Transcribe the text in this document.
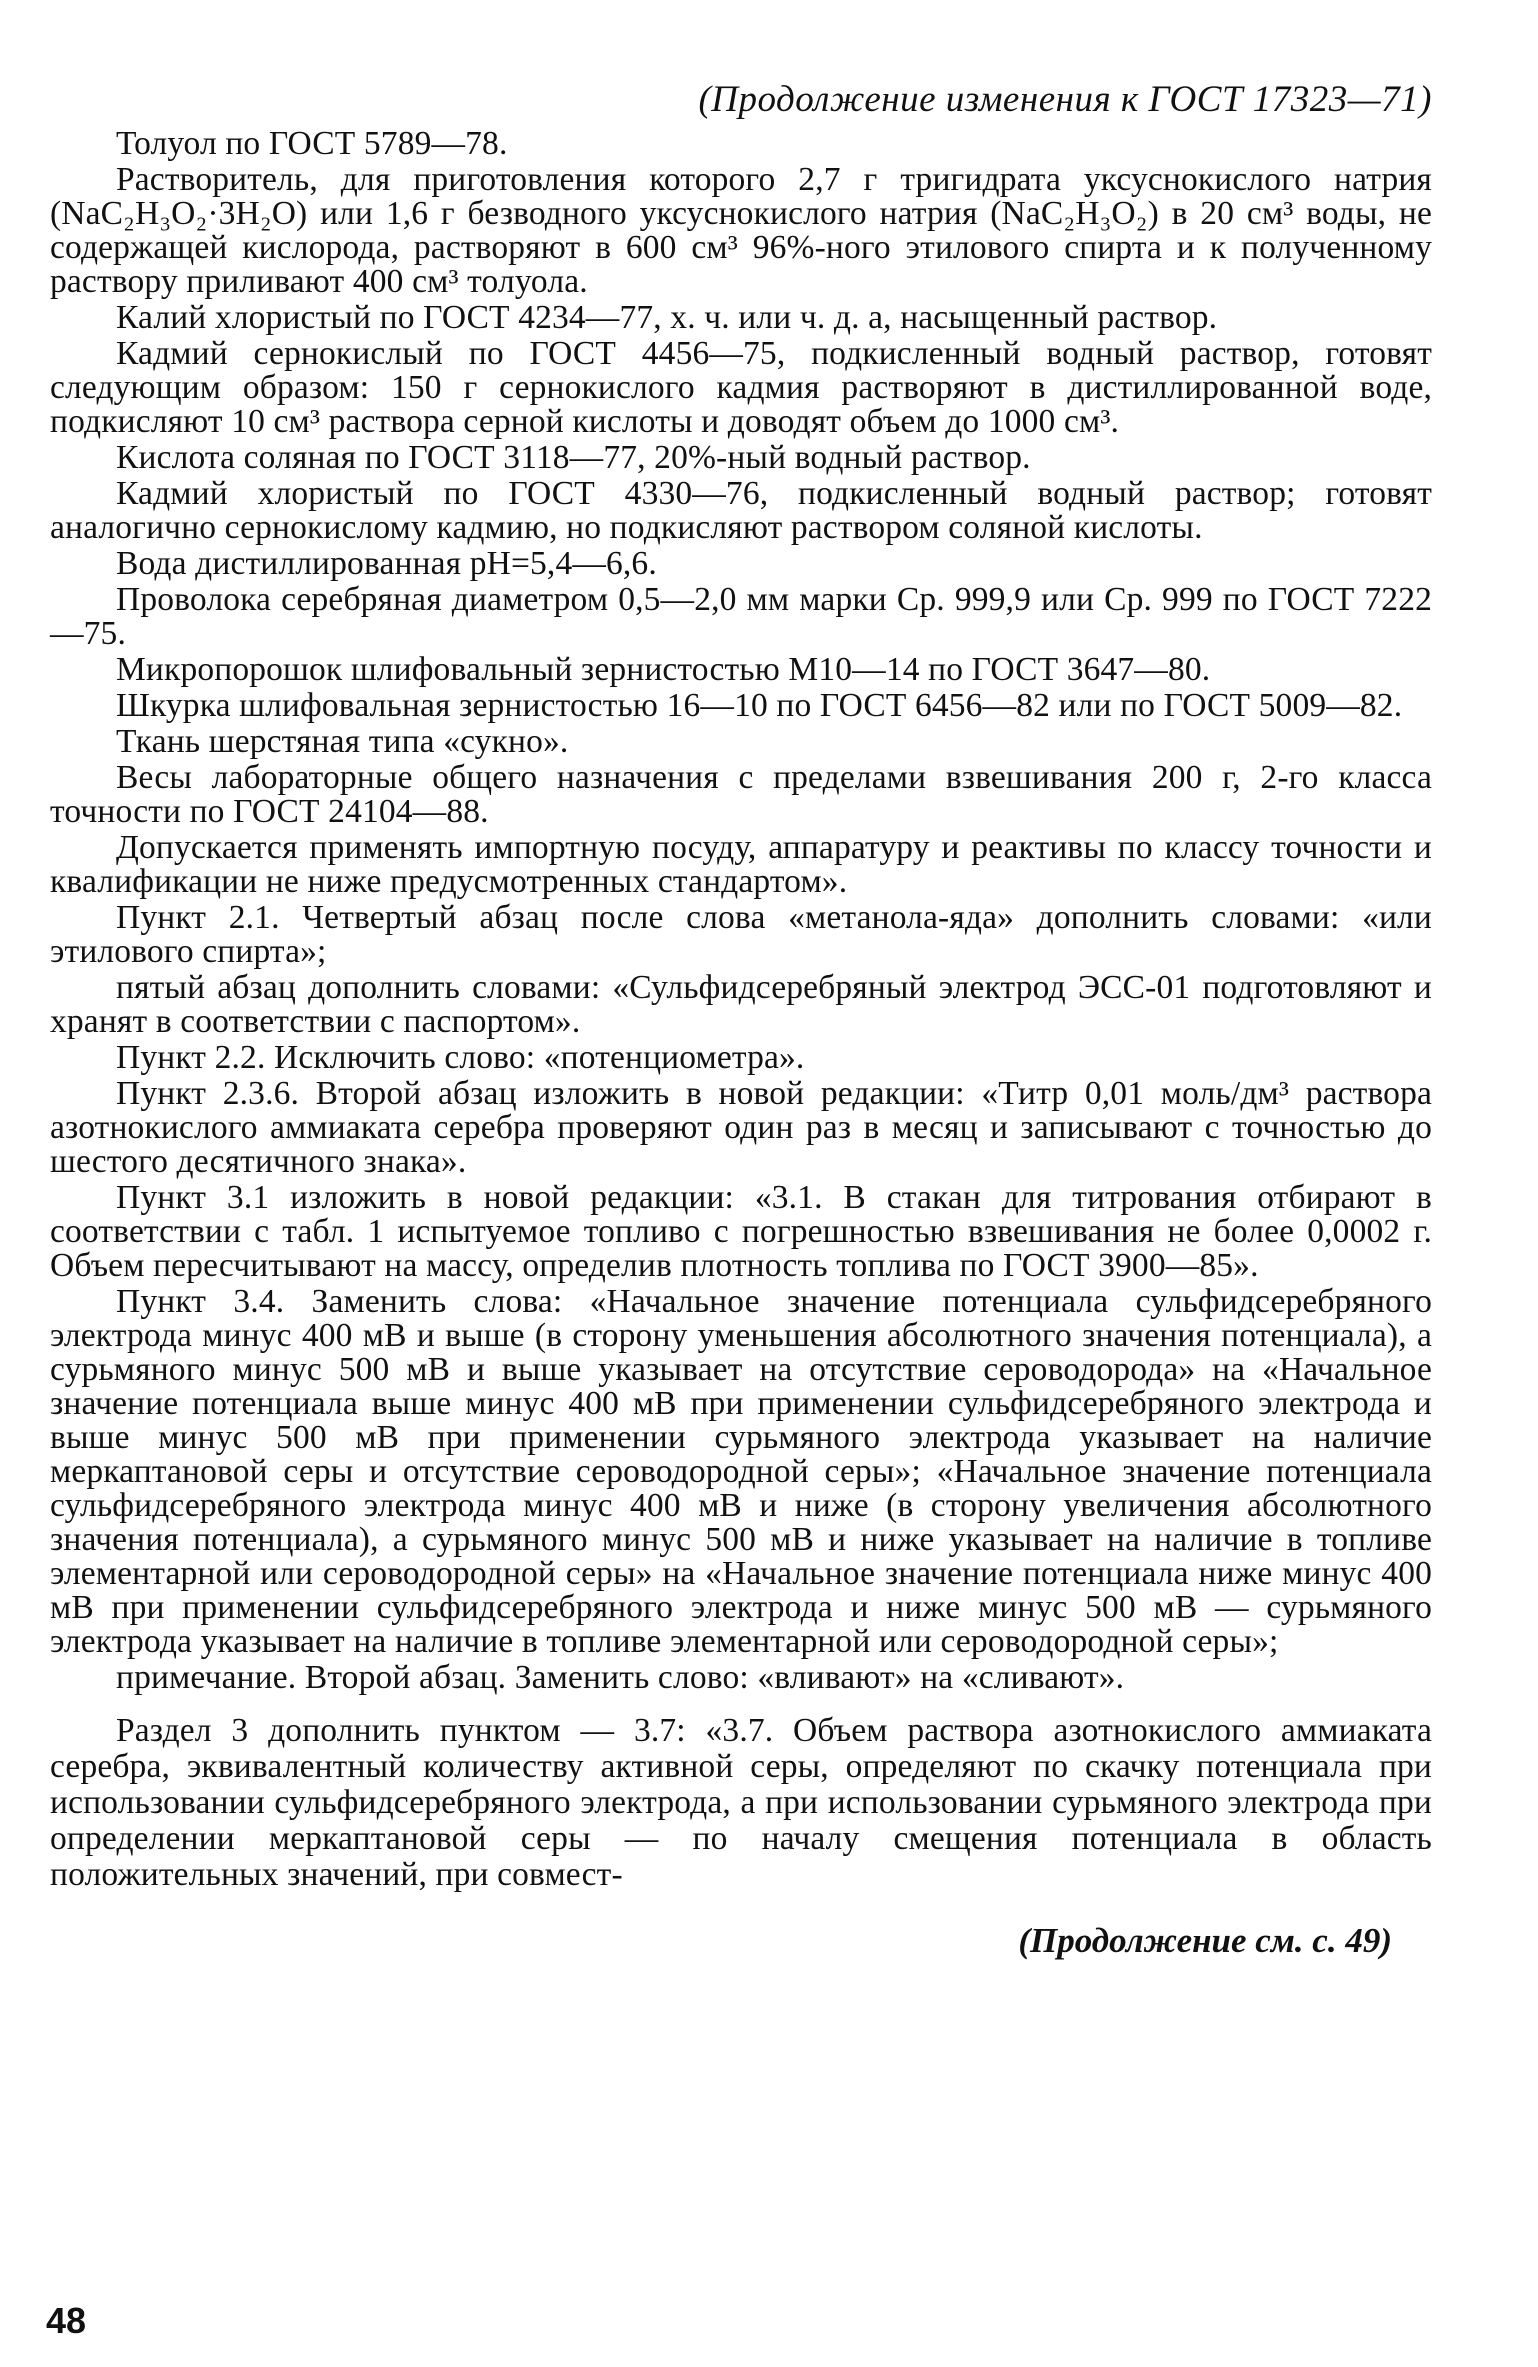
(Продолжение изменения к ГОСТ 17323—71)

Толуол по ГОСТ 5789—78.

Растворитель, для приготовления которого 2,7 г тригидрата уксуснокислого натрия (NaC₂H₃O₂·3H₂O) или 1,6 г безводного уксуснокислого натрия (NaC₂H₃O₂) в 20 см³ воды, не содержащей кислорода, растворяют в 600 см³ 96%-ного этилового спирта и к полученному раствору приливают 400 см³ толуола.

Калий хлористый по ГОСТ 4234—77, х. ч. или ч. д. а, насыщенный раствор.

Кадмий сернокислый по ГОСТ 4456—75, подкисленный водный раствор, готовят следующим образом: 150 г сернокислого кадмия растворяют в дистиллированной воде, подкисляют 10 см³ раствора серной кислоты и доводят объем до 1000 см³.

Кислота соляная по ГОСТ 3118—77, 20%-ный водный раствор.

Кадмий хлористый по ГОСТ 4330—76, подкисленный водный раствор; готовят аналогично сернокислому кадмию, но подкисляют раствором соляной кислоты.

Вода дистиллированная pH=5,4—6,6.

Проволока серебряная диаметром 0,5—2,0 мм марки Ср. 999,9 или Ср. 999 по ГОСТ 7222—75.

Микропорошок шлифовальный зернистостью М10—14 по ГОСТ 3647—80.

Шкурка шлифовальная зернистостью 16—10 по ГОСТ 6456—82 или по ГОСТ 5009—82.

Ткань шерстяная типа «сукно».

Весы лабораторные общего назначения с пределами взвешивания 200 г, 2-го класса точности по ГОСТ 24104—88.

Допускается применять импортную посуду, аппаратуру и реактивы по классу точности и квалификации не ниже предусмотренных стандартом».

Пункт 2.1. Четвертый абзац после слова «метанола-яда» дополнить словами: «или этилового спирта»;

пятый абзац дополнить словами: «Сульфидсеребряный электрод ЭСС-01 подготовляют и хранят в соответствии с паспортом».

Пункт 2.2. Исключить слово: «потенциометра».

Пункт 2.3.6. Второй абзац изложить в новой редакции: «Титр 0,01 моль/дм³ раствора азотнокислого аммиаката серебра проверяют один раз в месяц и записывают с точностью до шестого десятичного знака».

Пункт 3.1 изложить в новой редакции: «3.1. В стакан для титрования отбирают в соответствии с табл. 1 испытуемое топливо с погрешностью взвешивания не более 0,0002 г. Объем пересчитывают на массу, определив плотность топлива по ГОСТ 3900—85».

Пункт 3.4. Заменить слова: «Начальное значение потенциала сульфидсеребряного электрода минус 400 мВ и выше (в сторону уменьшения абсолютного значения потенциала), а сурьмяного минус 500 мВ и выше указывает на отсутствие сероводорода» на «Начальное значение потенциала выше минус 400 мВ при применении сульфидсеребряного электрода и выше минус 500 мВ при применении сурьмяного электрода указывает на наличие меркаптановой серы и отсутствие сероводородной серы»; «Начальное значение потенциала сульфидсеребряного электрода минус 400 мВ и ниже (в сторону увеличения абсолютного значения потенциала), а сурьмяного минус 500 мВ и ниже указывает на наличие в топливе элементарной или сероводородной серы» на «Начальное значение потенциала ниже минус 400 мВ при применении сульфидсеребряного электрода и ниже минус 500 мВ — сурьмяного электрода указывает на наличие в топливе элементарной или сероводородной серы»;

примечание. Второй абзац. Заменить слово: «вливают» на «сливают».

Раздел 3 дополнить пунктом — 3.7: «3.7. Объем раствора азотнокислого аммиаката серебра, эквивалентный количеству активной серы, определяют по скачку потенциала при использовании сульфидсеребряного электрода, а при использовании сурьмяного электрода при определении меркаптановой серы — по началу смещения потенциала в область положительных значений, при совмест-

(Продолжение см. с. 49)
48
